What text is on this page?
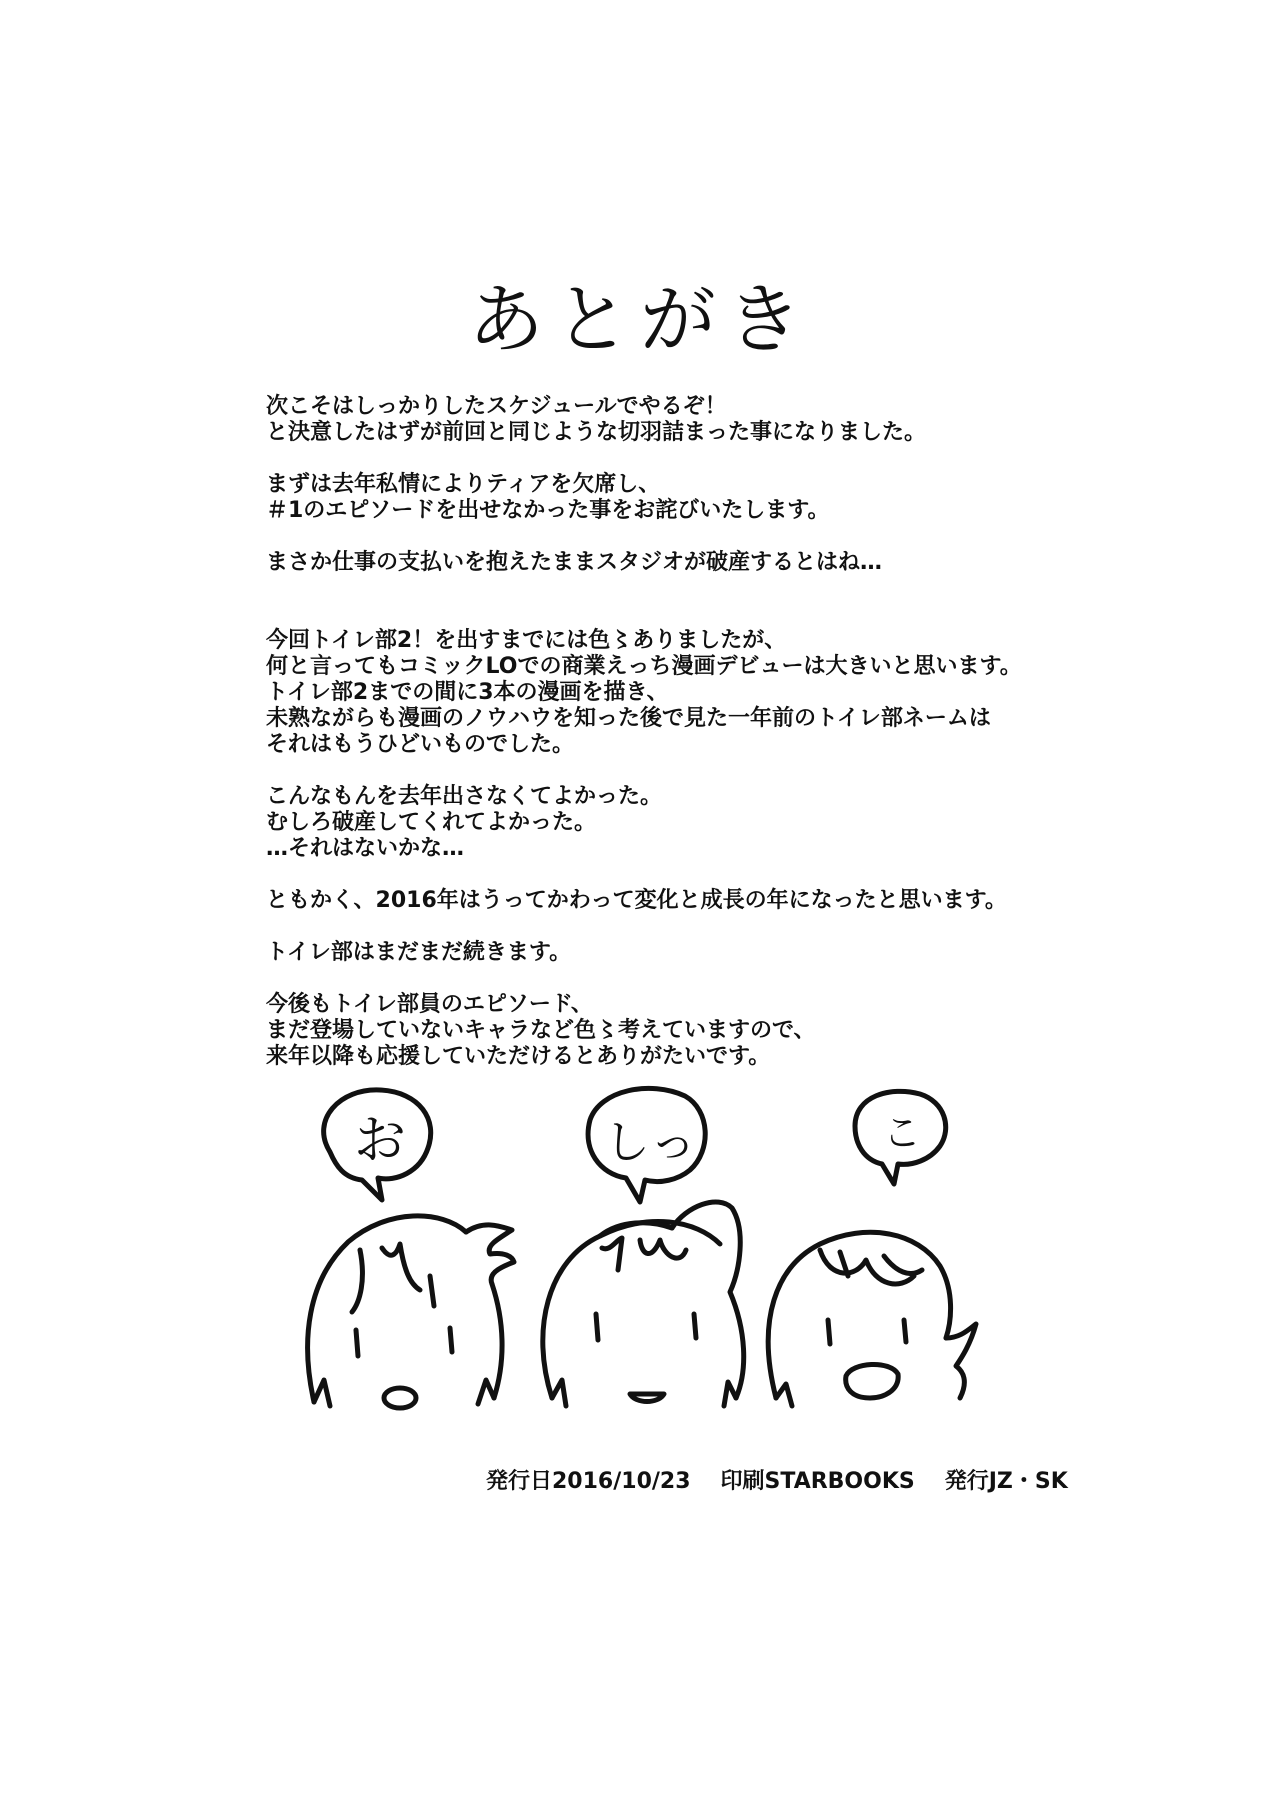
あとがき
次こそはしっかりしたスケジュールでやるぞ！
と決意したはずが前回と同じような切羽詰まった事になりました。
まずは去年私情によりティアを欠席し、
＃1のエピソードを出せなかった事をお詫びいたします。
まさか仕事の支払いを抱えたままスタジオが破産するとはね…
今回トイレ部2！を出すまでには色〻ありましたが、
何と言ってもコミックLOでの商業えっち漫画デビューは大きいと思います。
トイレ部2までの間に3本の漫画を描き、
未熟ながらも漫画のノウハウを知った後で見た一年前のトイレ部ネームは
それはもうひどいものでした。
こんなもんを去年出さなくてよかった。
むしろ破産してくれてよかった。
…それはないかな…
ともかく、2016年はうってかわって変化と成長の年になったと思います。
トイレ部はまだまだ続きます。
今後もトイレ部員のエピソード、
まだ登場していないキャラなど色〻考えていますので、
来年以降も応援していただけるとありがたいです。
お	しっ	こ
発行日2016/10/23 印刷STARBOOKS 発行JZ・SK
